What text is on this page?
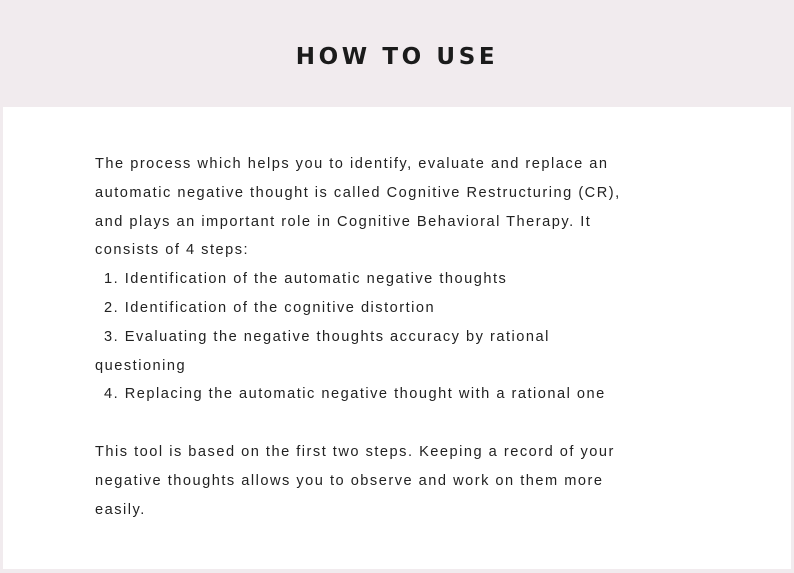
HOW TO USE
The process which helps you to identify, evaluate and replace an
automatic negative thought is called Cognitive Restructuring (CR),
and plays an important role in Cognitive Behavioral Therapy. It
consists of 4 steps:
1. Identification of the automatic negative thoughts
2. Identification of the cognitive distortion
3. Evaluating the negative thoughts accuracy by rational
questioning
4. Replacing the automatic negative thought with a rational one
This tool is based on the first two steps. Keeping a record of your
negative thoughts allows you to observe and work on them more
easily.
